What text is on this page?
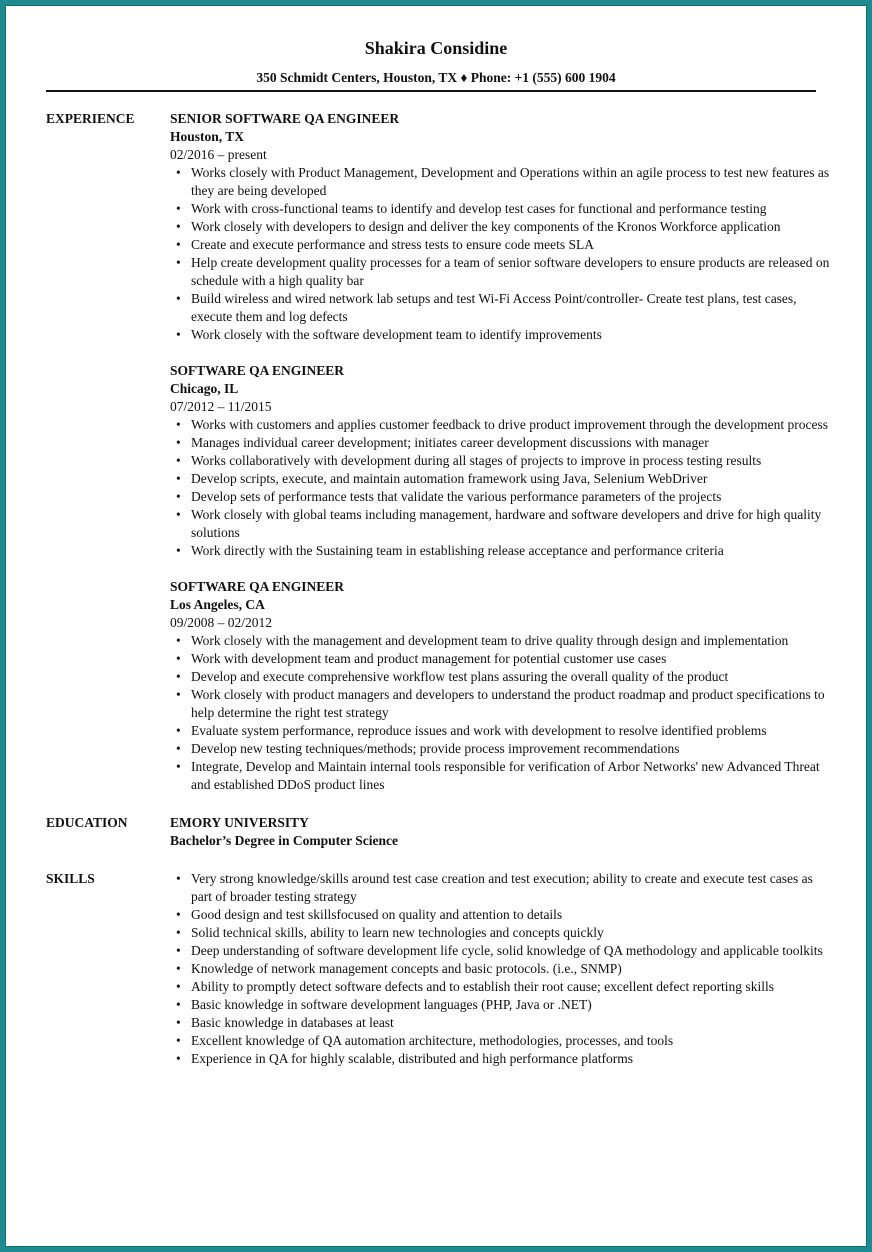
Shakira Considine
350 Schmidt Centers, Houston, TX ♦ Phone: +1 (555) 600 1904
EXPERIENCE	SENIOR SOFTWARE QA ENGINEER
Houston, TX
02/2016 – present
• Works closely with Product Management, Development and Operations within an agile process to test new features as they are being developed
• Work with cross-functional teams to identify and develop test cases for functional and performance testing
• Work closely with developers to design and deliver the key components of the Kronos Workforce application
• Create and execute performance and stress tests to ensure code meets SLA
• Help create development quality processes for a team of senior software developers to ensure products are released on schedule with a high quality bar
• Build wireless and wired network lab setups and test Wi-Fi Access Point/controller- Create test plans, test cases, execute them and log defects
• Work closely with the software development team to identify improvements
SOFTWARE QA ENGINEER
Chicago, IL
07/2012 – 11/2015
• Works with customers and applies customer feedback to drive product improvement through the development process
• Manages individual career development; initiates career development discussions with manager
• Works collaboratively with development during all stages of projects to improve in process testing results
• Develop scripts, execute, and maintain automation framework using Java, Selenium WebDriver
• Develop sets of performance tests that validate the various performance parameters of the projects
• Work closely with global teams including management, hardware and software developers and drive for high quality solutions
• Work directly with the Sustaining team in establishing release acceptance and performance criteria
SOFTWARE QA ENGINEER
Los Angeles, CA
09/2008 – 02/2012
• Work closely with the management and development team to drive quality through design and implementation
• Work with development team and product management for potential customer use cases
• Develop and execute comprehensive workflow test plans assuring the overall quality of the product
• Work closely with product managers and developers to understand the product roadmap and product specifications to help determine the right test strategy
• Evaluate system performance, reproduce issues and work with development to resolve identified problems
• Develop new testing techniques/methods; provide process improvement recommendations
• Integrate, Develop and Maintain internal tools responsible for verification of Arbor Networks' new Advanced Threat and established DDoS product lines
EDUCATION	EMORY UNIVERSITY
Bachelor’s Degree in Computer Science
SKILLS	• Very strong knowledge/skills around test case creation and test execution; ability to create and execute test cases as part of broader testing strategy
• Good design and test skillsfocused on quality and attention to details
• Solid technical skills, ability to learn new technologies and concepts quickly
• Deep understanding of software development life cycle, solid knowledge of QA methodology and applicable toolkits
• Knowledge of network management concepts and basic protocols. (i.e., SNMP)
• Ability to promptly detect software defects and to establish their root cause; excellent defect reporting skills
• Basic knowledge in software development languages (PHP, Java or .NET)
• Basic knowledge in databases at least
• Excellent knowledge of QA automation architecture, methodologies, processes, and tools
• Experience in QA for highly scalable, distributed and high performance platforms
